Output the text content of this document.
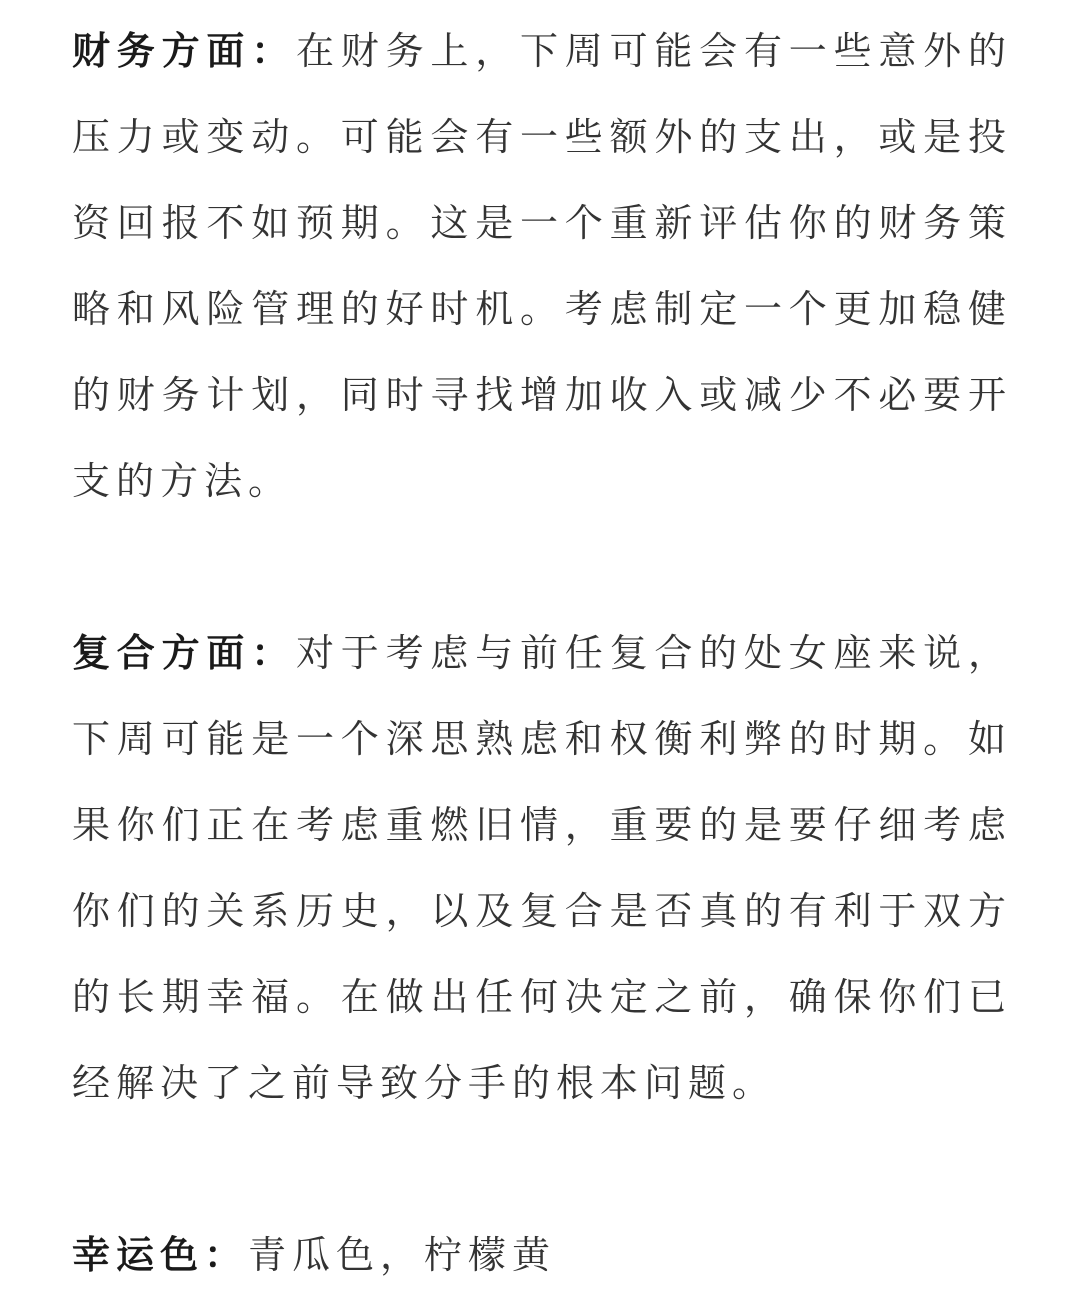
财务方面：在财务上，下周可能会有一些意外的压力或变动。可能会有一些额外的支出，或是投资回报不如预期。这是一个重新评估你的财务策略和风险管理的好时机。考虑制定一个更加稳健的财务计划，同时寻找增加收入或减少不必要开支的方法。

复合方面：对于考虑与前任复合的处女座来说，下周可能是一个深思熟虑和权衡利弊的时期。如果你们正在考虑重燃旧情，重要的是要仔细考虑你们的关系历史，以及复合是否真的有利于双方的长期幸福。在做出任何决定之前，确保你们已经解决了之前导致分手的根本问题。

幸运色：青瓜色，柠檬黄
